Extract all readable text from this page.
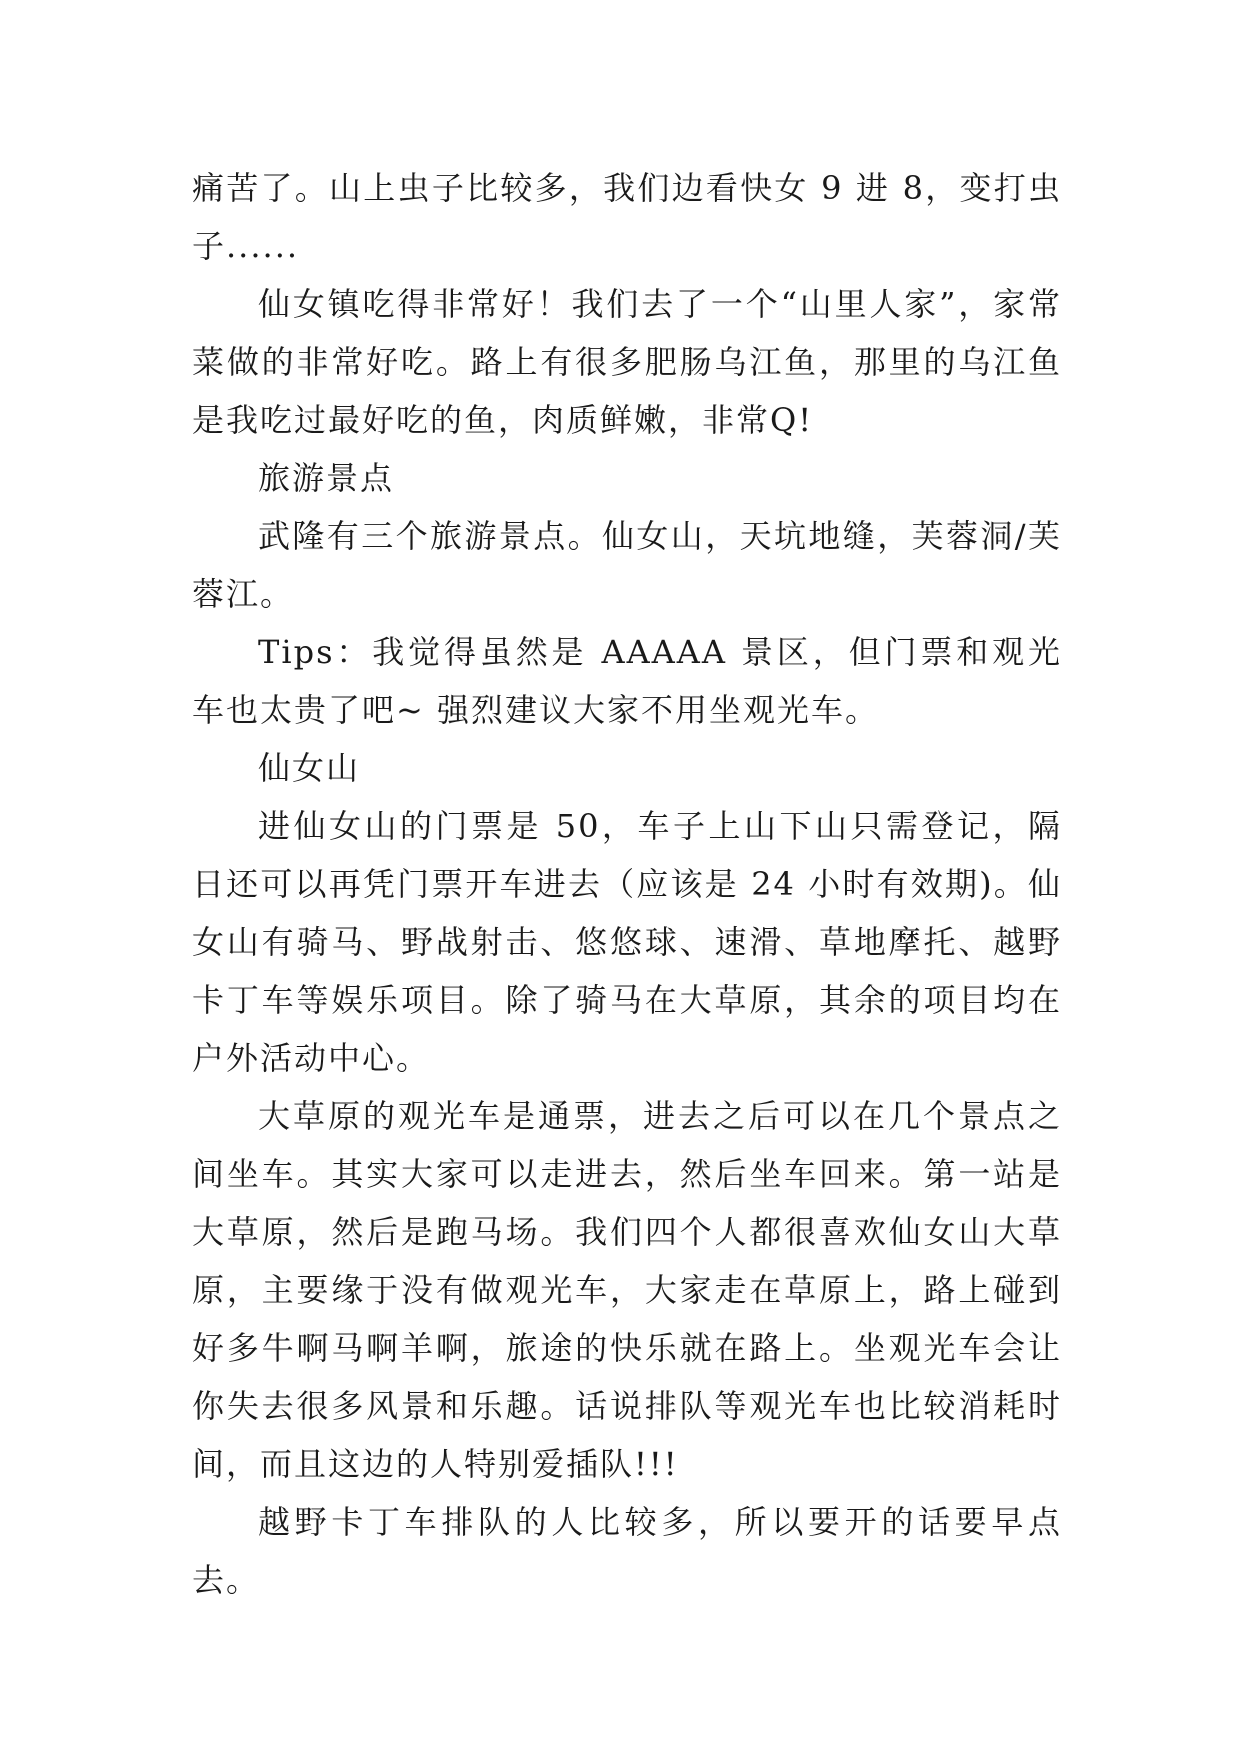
痛苦了。山上虫子比较多，我们边看快女 9 进 8，变打虫子......

仙女镇吃得非常好！我们去了一个“山里人家”，家常菜做的非常好吃。路上有很多肥肠乌江鱼，那里的乌江鱼是我吃过最好吃的鱼，肉质鲜嫩，非常Q!

旅游景点

武隆有三个旅游景点。仙女山，天坑地缝，芙蓉洞/芙蓉江。

Tips：我觉得虽然是 AAAAA 景区，但门票和观光车也太贵了吧~ 强烈建议大家不用坐观光车。

仙女山

进仙女山的门票是 50，车子上山下山只需登记，隔日还可以再凭门票开车进去（应该是 24 小时有效期)。仙女山有骑马、野战射击、悠悠球、速滑、草地摩托、越野卡丁车等娱乐项目。除了骑马在大草原，其余的项目均在户外活动中心。

大草原的观光车是通票，进去之后可以在几个景点之间坐车。其实大家可以走进去，然后坐车回来。第一站是大草原，然后是跑马场。我们四个人都很喜欢仙女山大草原，主要缘于没有做观光车，大家走在草原上，路上碰到好多牛啊马啊羊啊，旅途的快乐就在路上。坐观光车会让你失去很多风景和乐趣。话说排队等观光车也比较消耗时间，而且这边的人特别爱插队!!!

越野卡丁车排队的人比较多，所以要开的话要早点去。
